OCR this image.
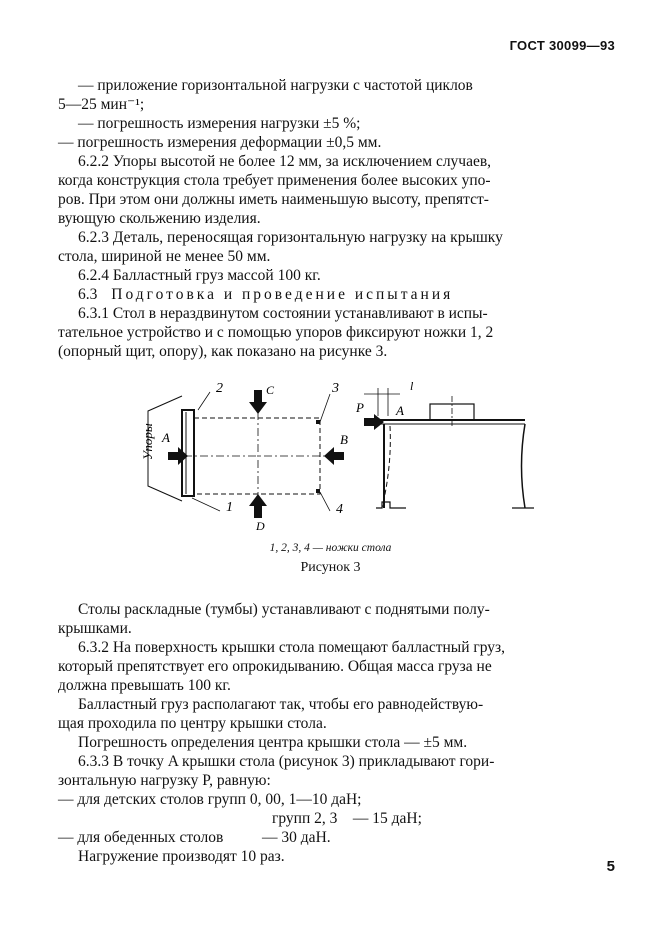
ГОСТ 30099—93
— приложение горизонтальной нагрузки с частотой циклов
5—25 мин⁻¹;
— погрешность измерения нагрузки ±5 %;
— погрешность измерения деформации ±0,5 мм.
6.2.2 Упоры высотой не более 12 мм, за исключением случаев,
когда конструкция стола требует применения более высоких упо-
ров. При этом они должны иметь наименьшую высоту, препятст-
вующую скольжению изделия.
6.2.3 Деталь, переносящая горизонтальную нагрузку на крышку
стола, шириной не менее 50 мм.
6.2.4 Балластный груз массой 100 кг.
6.3 Подготовка и проведение испытания
6.3.1 Стол в нераздвинутом состоянии устанавливают в испы-
тательное устройство и с помощью упоров фиксируют ножки 1, 2
(опорный щит, опору), как показано на рисунке 3.
Упоры A	B
C
D
2
1
3
4
l
P A
1, 2, 3, 4 — ножки стола
Рисунок 3
Столы раскладные (тумбы) устанавливают с поднятыми полу-
крышками.
6.3.2 На поверхность крышки стола помещают балластный груз,
который препятствует его опрокидыванию. Общая масса груза не
должна превышать 100 кг.
Балластный груз располагают так, чтобы его равнодействую-
щая проходила по центру крышки стола.
Погрешность определения центра крышки стола — ±5 мм.
6.3.3 В точку A крышки стола (рисунок 3) прикладывают гори-
зонтальную нагрузку P, равную:
— для детских столов групп 0, 00, 1—10 даН;
групп 2, 3    — 15 даН;
— для обеденных столов          — 30 даН.
Нагружение производят 10 раз.
5
